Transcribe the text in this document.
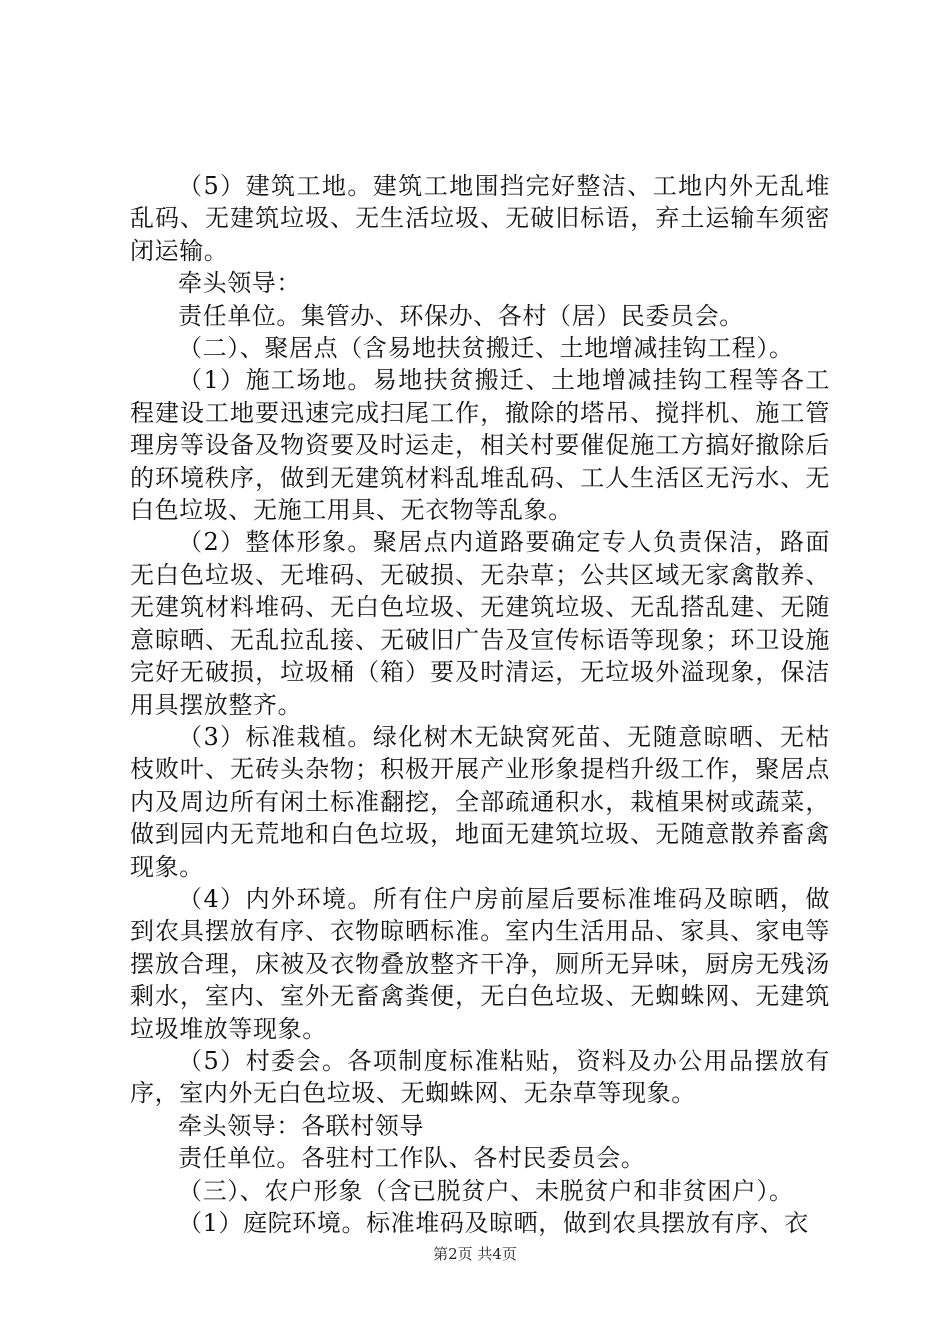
（5）建筑工地。建筑工地围挡完好整洁、工地内外无乱堆乱码、无建筑垃圾、无生活垃圾、无破旧标语，弃土运输车须密闭运输。

牵头领导：

责任单位。集管办、环保办、各村（居）民委员会。

（二）、聚居点（含易地扶贫搬迁、土地增减挂钩工程）。

（1）施工场地。易地扶贫搬迁、土地增减挂钩工程等各工程建设工地要迅速完成扫尾工作，撤除的塔吊、搅拌机、施工管理房等设备及物资要及时运走，相关村要催促施工方搞好撤除后的环境秩序，做到无建筑材料乱堆乱码、工人生活区无污水、无白色垃圾、无施工用具、无衣物等乱象。

（2）整体形象。聚居点内道路要确定专人负责保洁，路面无白色垃圾、无堆码、无破损、无杂草；公共区域无家禽散养、无建筑材料堆码、无白色垃圾、无建筑垃圾、无乱搭乱建、无随意晾晒、无乱拉乱接、无破旧广告及宣传标语等现象；环卫设施完好无破损，垃圾桶（箱）要及时清运，无垃圾外溢现象，保洁用具摆放整齐。

（3）标准栽植。绿化树木无缺窝死苗、无随意晾晒、无枯枝败叶、无砖头杂物；积极开展产业形象提档升级工作，聚居点内及周边所有闲土标准翻挖，全部疏通积水，栽植果树或蔬菜，做到园内无荒地和白色垃圾，地面无建筑垃圾、无随意散养畜禽现象。

（4）内外环境。所有住户房前屋后要标准堆码及晾晒，做到农具摆放有序、衣物晾晒标准。室内生活用品、家具、家电等摆放合理，床被及衣物叠放整齐干净，厕所无异味，厨房无残汤剩水，室内、室外无畜禽粪便，无白色垃圾、无蜘蛛网、无建筑垃圾堆放等现象。

（5）村委会。各项制度标准粘贴，资料及办公用品摆放有序，室内外无白色垃圾、无蜘蛛网、无杂草等现象。

牵头领导：各联村领导

责任单位。各驻村工作队、各村民委员会。

（三）、农户形象（含已脱贫户、未脱贫户和非贫困户）。

（1）庭院环境。标准堆码及晾晒，做到农具摆放有序、衣

第2页 共4页
